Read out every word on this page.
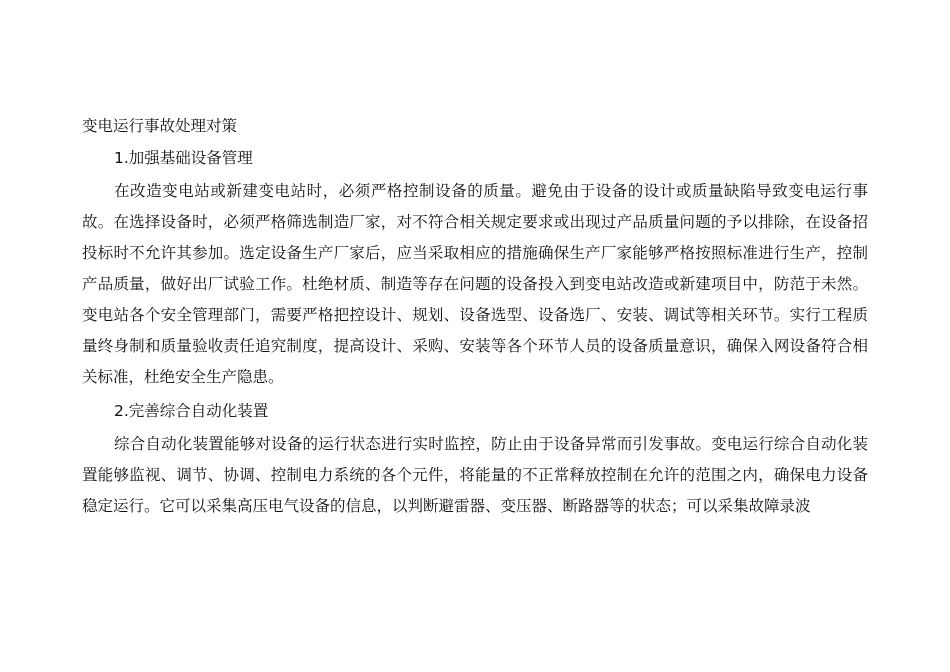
变电运行事故处理对策

1.加强基础设备管理

在改造变电站或新建变电站时，必须严格控制设备的质量。避免由于设备的设计或质量缺陷导致变电运行事故。在选择设备时，必须严格筛选制造厂家，对不符合相关规定要求或出现过产品质量问题的予以排除，在设备招投标时不允许其参加。选定设备生产厂家后，应当采取相应的措施确保生产厂家能够严格按照标准进行生产，控制产品质量，做好出厂试验工作。杜绝材质、制造等存在问题的设备投入到变电站改造或新建项目中，防范于未然。变电站各个安全管理部门，需要严格把控设计、规划、设备选型、设备选厂、安装、调试等相关环节。实行工程质量终身制和质量验收责任追究制度，提高设计、采购、安装等各个环节人员的设备质量意识，确保入网设备符合相关标准，杜绝安全生产隐患。

2.完善综合自动化装置

综合自动化装置能够对设备的运行状态进行实时监控，防止由于设备异常而引发事故。变电运行综合自动化装置能够监视、调节、协调、控制电力系统的各个元件，将能量的不正常释放控制在允许的范围之内，确保电力设备稳定运行。它可以采集高压电气设备的信息，以判断避雷器、变压器、断路器等的状态；可以采集故障录波
